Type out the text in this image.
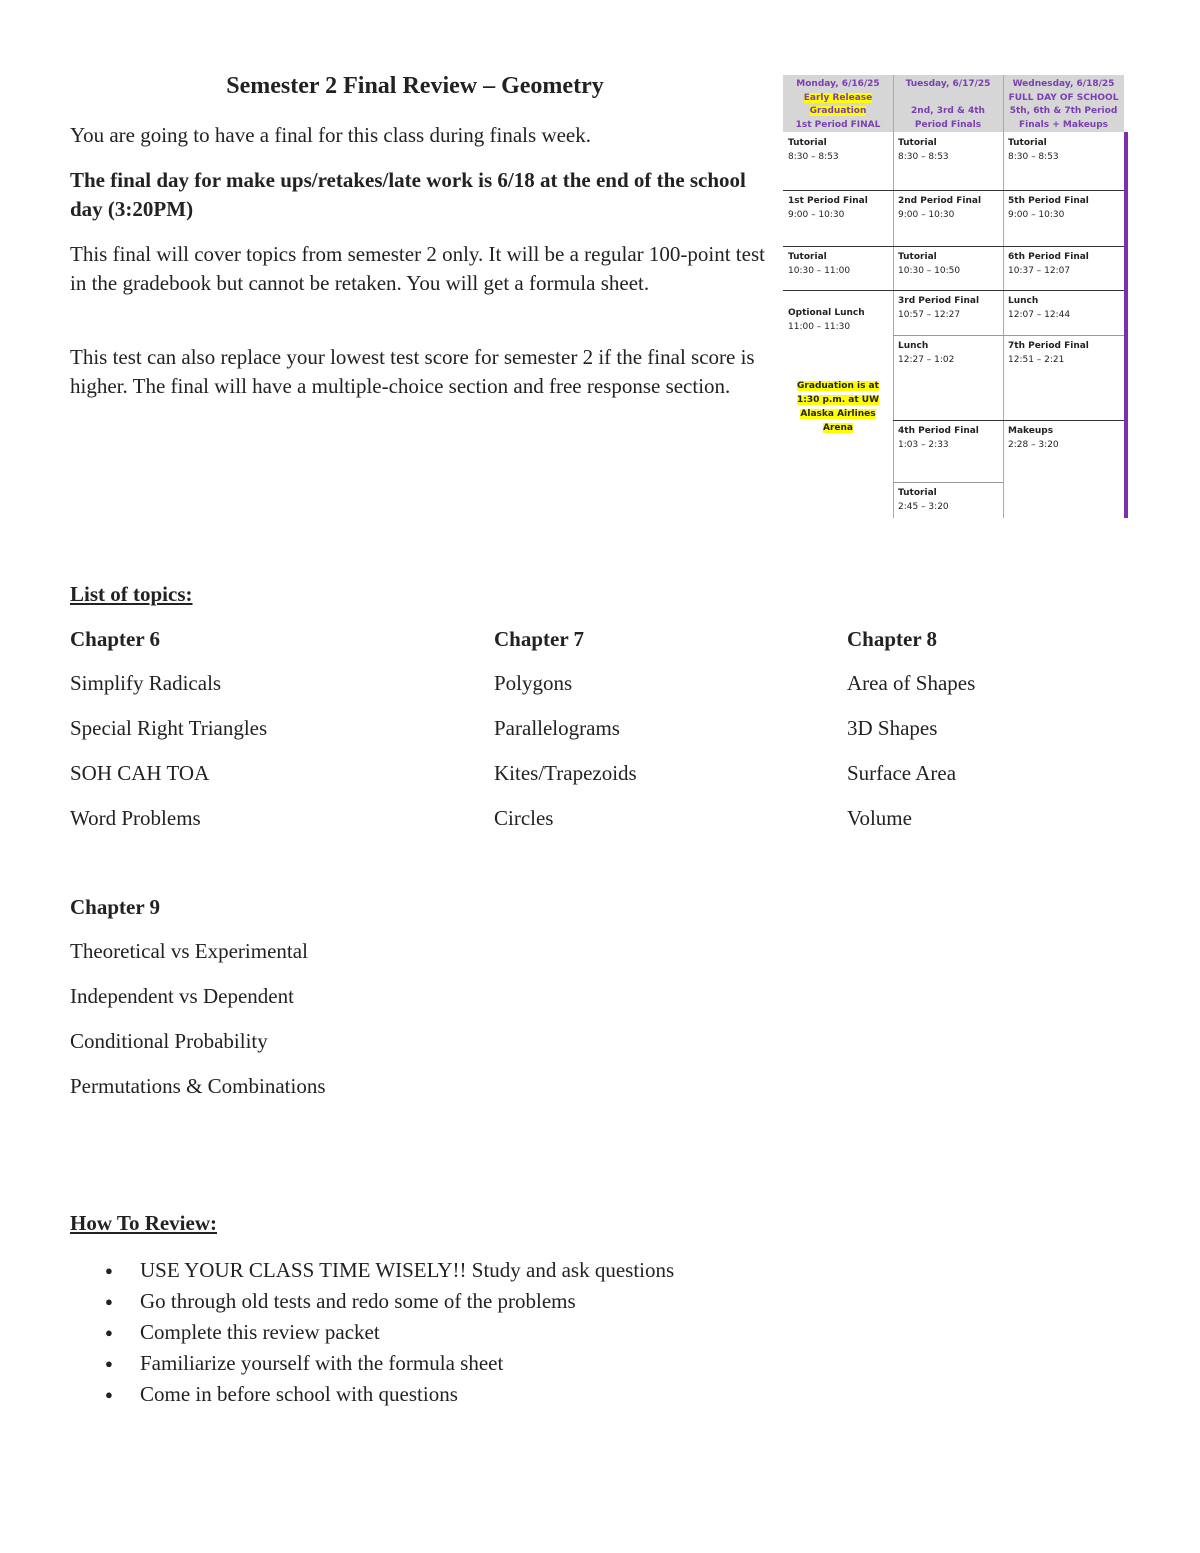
Semester 2 Final Review – Geometry
You are going to have a final for this class during finals week.
The final day for make ups/retakes/late work is 6/18 at the end of the school day (3:20PM)
This final will cover topics from semester 2 only. It will be a regular 100-point test in the gradebook but cannot be retaken. You will get a formula sheet.
This test can also replace your lowest test score for semester 2 if the final score is higher. The final will have a multiple-choice section and free response section.
Monday, 6/16/25
Early Release
Graduation
1st Period FINAL
Tuesday, 6/17/25

2nd, 3rd & 4th
Period Finals
Wednesday, 6/18/25
FULL DAY OF SCHOOL
5th, 6th & 7th Period
Finals + Makeups
Tutorial
8:30 – 8:53
1st Period Final
9:00 – 10:30
Tutorial
10:30 – 11:00
Optional Lunch
11:00 – 11:30
Tutorial
8:30 – 8:53
2nd Period Final
9:00 – 10:30
Tutorial
10:30 – 10:50
3rd Period Final
10:57 – 12:27
Lunch
12:27 – 1:02
4th Period Final
1:03 – 2:33
Tutorial
2:45 – 3:20
Tutorial
8:30 – 8:53
5th Period Final
9:00 – 10:30
6th Period Final
10:37 – 12:07
Lunch
12:07 – 12:44
7th Period Final
12:51 – 2:21
Makeups
2:28 – 3:20
Graduation is at 1:30 p.m. at UW Alaska Airlines Arena
List of topics:
Chapter 6
Simplify Radicals
Special Right Triangles
SOH CAH TOA
Word Problems
Chapter 7
Polygons
Parallelograms
Kites/Trapezoids
Circles
Chapter 8
Area of Shapes
3D Shapes
Surface Area
Volume
Chapter 9
Theoretical vs Experimental
Independent vs Dependent
Conditional Probability
Permutations & Combinations
How To Review:
● USE YOUR CLASS TIME WISELY!! Study and ask questions
● Go through old tests and redo some of the problems
● Complete this review packet
● Familiarize yourself with the formula sheet
● Come in before school with questions
